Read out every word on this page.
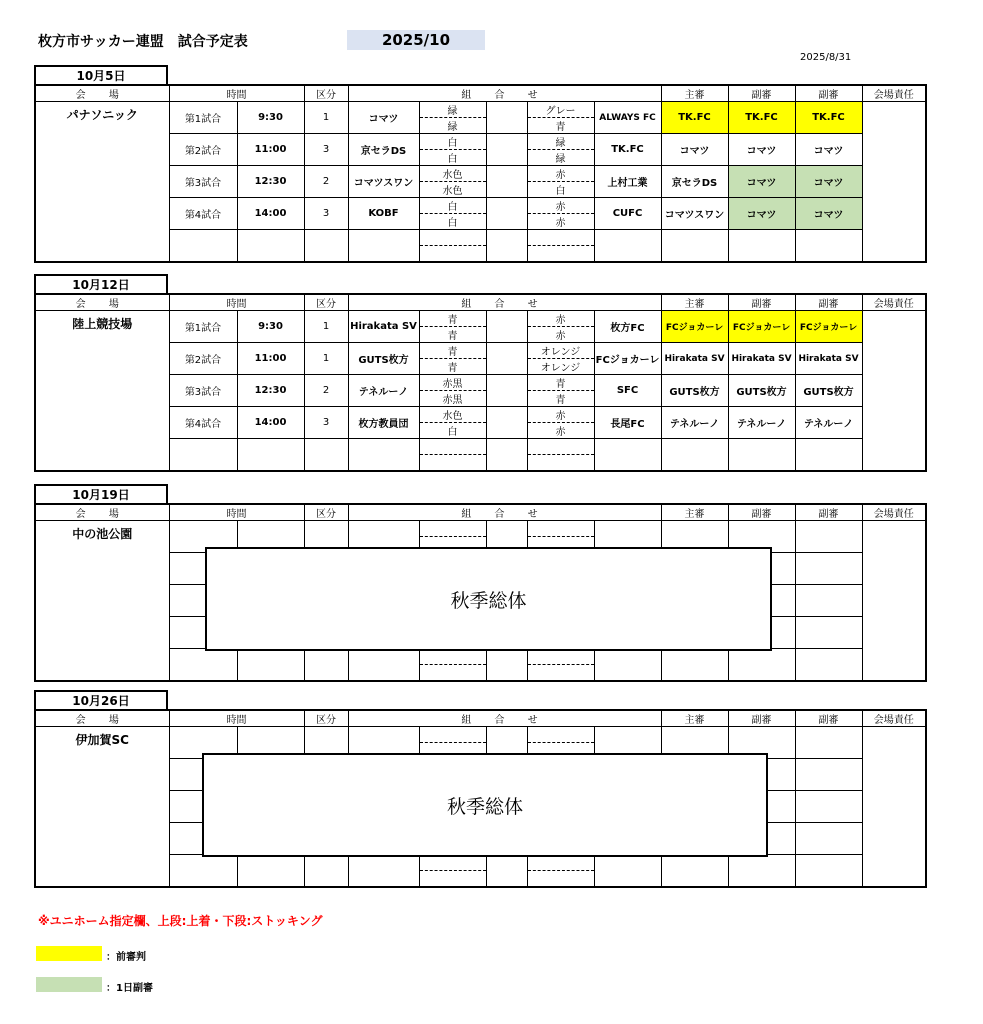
枚方市サッカー連盟　試合予定表	2025/10
2025/8/31
10月5日
会 場	時間		区分	組 合 せ					主審	副審	副審	会場責任
パナソニック	第1試合	9:30	1	コマツ	緑		グレー	ALWAYS FC	TK.FC	TK.FC	TK.FC	
					緑		青					
	第2試合	11:00	3	京セラDS	白		緑	TK.FC	コマツ	コマツ	コマツ	
					白		緑					
	第3試合	12:30	2	コマツスワン	水色		赤	上村工業	京セラDS	コマツ	コマツ	
					水色		白					
	第4試合	14:00	3	KOBF	白		赤	CUFC	コマツスワン	コマツ	コマツ	
					白		赤					

10月12日
会 場	時間		区分	組 合 せ					主審	副審	副審	会場責任
陸上競技場	第1試合	9:30	1	Hirakata SV	青		赤	枚方FC	FCジョカーレ	FCジョカーレ	FCジョカーレ	
					青		赤					
	第2試合	11:00	1	GUTS枚方	青		オレンジ	FCジョカーレ	Hirakata SV	Hirakata SV	Hirakata SV	
					青		オレンジ					
	第3試合	12:30	2	テネルーノ	赤黒		青	SFC	GUTS枚方	GUTS枚方	GUTS枚方	
					赤黒		青					
	第4試合	14:00	3	枚方教員団	水色		赤	長尾FC	テネルーノ	テネルーノ	テネルーノ	
					白		赤					

10月19日
会 場	時間		区分	組 合 せ					主審	副審	副審	会場責任
中の池公園												

秋季総体
10月26日
会 場	時間		区分	組 合 せ					主審	副審	副審	会場責任
伊加賀SC												

秋季総体
※ユニホーム指定欄、上段:上着・下段:ストッキング
：前審判
：1日副審
